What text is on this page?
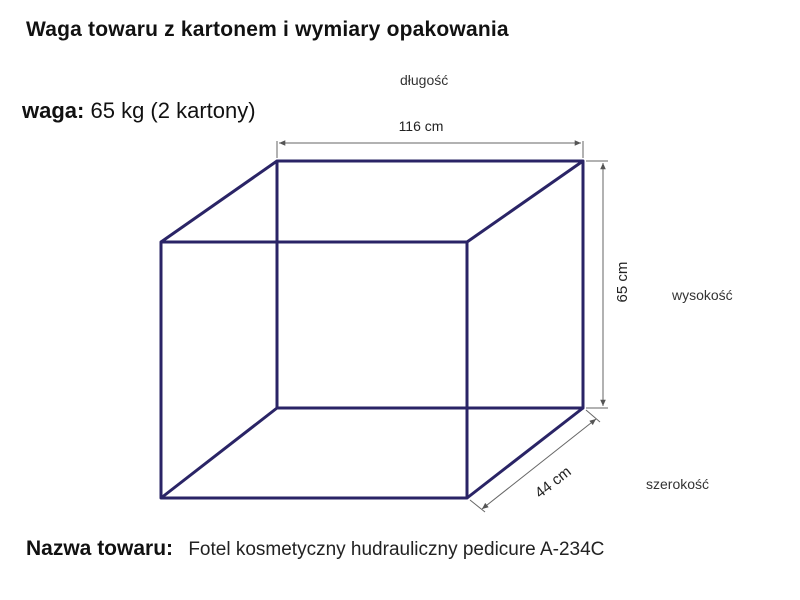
Waga towaru z kartonem i wymiary opakowania
waga: 65 kg (2 kartony)
długość
wysokość
szerokość
116 cm
65 cm
44 cm
Nazwa towaru: Fotel kosmetyczny hudrauliczny pedicure A-234C
